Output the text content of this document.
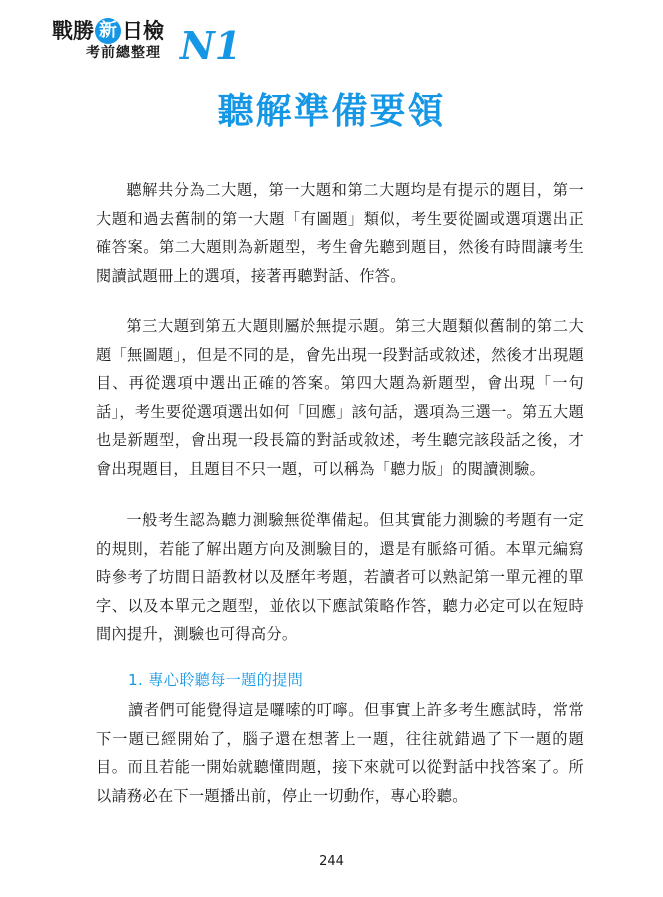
戰勝 新 日檢
考前總整理 N1
聽解準備要領

聽解共分為二大題，第一大題和第二大題均是有提示的題目，第一大題和過去舊制的第一大題「有圖題」類似，考生要從圖或選項選出正確答案。第二大題則為新題型，考生會先聽到題目，然後有時間讓考生閱讀試題冊上的選項，接著再聽對話、作答。

第三大題到第五大題則屬於無提示題。第三大題類似舊制的第二大題「無圖題」，但是不同的是，會先出現一段對話或敘述，然後才出現題目、再從選項中選出正確的答案。第四大題為新題型，會出現「一句話」，考生要從選項選出如何「回應」該句話，選項為三選一。第五大題也是新題型，會出現一段長篇的對話或敘述，考生聽完該段話之後，才會出現題目，且題目不只一題，可以稱為「聽力版」的閱讀測驗。

一般考生認為聽力測驗無從準備起。但其實能力測驗的考題有一定的規則，若能了解出題方向及測驗目的，還是有脈絡可循。本單元編寫時參考了坊間日語教材以及歷年考題，若讀者可以熟記第一單元裡的單字、以及本單元之題型，並依以下應試策略作答，聽力必定可以在短時間內提升，測驗也可得高分。

1. 專心聆聽每一題的提問

讀者們可能覺得這是囉嗦的叮嚀。但事實上許多考生應試時，常常下一題已經開始了，腦子還在想著上一題，往往就錯過了下一題的題目。而且若能一開始就聽懂問題，接下來就可以從對話中找答案了。所以請務必在下一題播出前，停止一切動作，專心聆聽。

244
